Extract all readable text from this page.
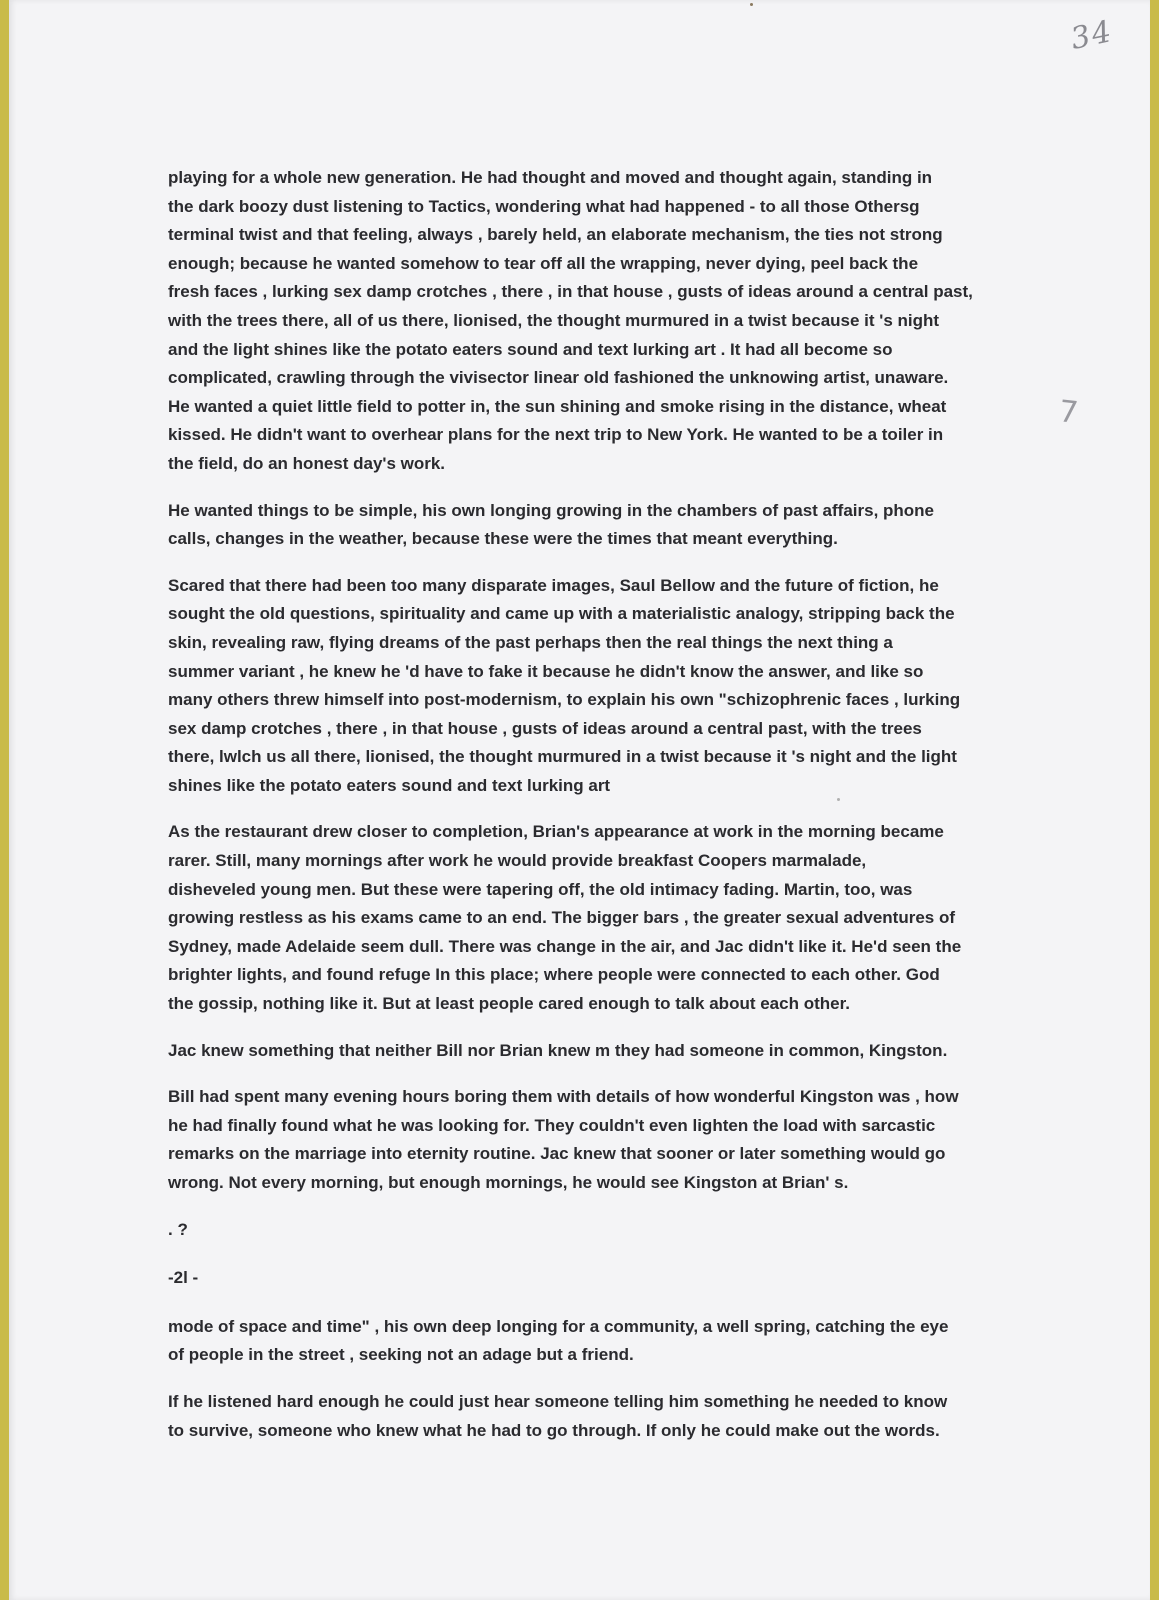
34
7

playing for a whole new generation. He had thought and moved and thought again, standing in
the dark boozy dust listening to Tactics, wondering what had happened - to all those Othersg
terminal twist and that feeling, always , barely held, an elaborate mechanism, the ties not strong
enough; because he wanted somehow to tear off all the wrapping, never dying, peel back the
fresh faces , lurking sex damp crotches , there , in that house , gusts of ideas around a central past,
with the trees there, all of us there, lionised, the thought murmured in a twist because it 's night
and the light shines like the potato eaters sound and text lurking art . It had all become so
complicated, crawling through the vivisector linear old fashioned the unknowing artist, unaware.
He wanted a quiet little field to potter in, the sun shining and smoke rising in the distance, wheat
kissed. He didn't want to overhear plans for the next trip to New York. He wanted to be a toiler in
the field, do an honest day's work.

He wanted things to be simple, his own longing growing in the chambers of past affairs, phone
calls, changes in the weather, because these were the times that meant everything.

Scared that there had been too many disparate images, Saul Bellow and the future of fiction, he
sought the old questions, spirituality and came up with a materialistic analogy, stripping back the
skin, revealing raw, flying dreams of the past perhaps then the real things the next thing a
summer variant , he knew he 'd have to fake it because he didn't know the answer, and like so
many others threw himself into post-modernism, to explain his own "schizophrenic faces , lurking
sex damp crotches , there , in that house , gusts of ideas around a central past, with the trees
there, lwlch us all there, lionised, the thought murmured in a twist because it 's night and the light
shines like the potato eaters sound and text lurking art

As the restaurant drew closer to completion, Brian's appearance at work in the morning became
rarer. Still, many mornings after work he would provide breakfast Coopers marmalade,
disheveled young men. But these were tapering off, the old intimacy fading. Martin, too, was
growing restless as his exams came to an end. The bigger bars , the greater sexual adventures of
Sydney, made Adelaide seem dull. There was change in the air, and Jac didn't like it. He'd seen the
brighter lights, and found refuge In this place; where people were connected to each other. God
the gossip, nothing like it. But at least people cared enough to talk about each other.

Jac knew something that neither Bill nor Brian knew m they had someone in common, Kingston.

Bill had spent many evening hours boring them with details of how wonderful Kingston was , how
he had finally found what he was looking for. They couldn't even lighten the load with sarcastic
remarks on the marriage into eternity routine. Jac knew that sooner or later something would go
wrong. Not every morning, but enough mornings, he would see Kingston at Brian' s.

. ?

-2l -

mode of space and time" , his own deep longing for a community, a well spring, catching the eye
of people in the street , seeking not an adage but a friend.

If he listened hard enough he could just hear someone telling him something he needed to know
to survive, someone who knew what he had to go through. If only he could make out the words.
